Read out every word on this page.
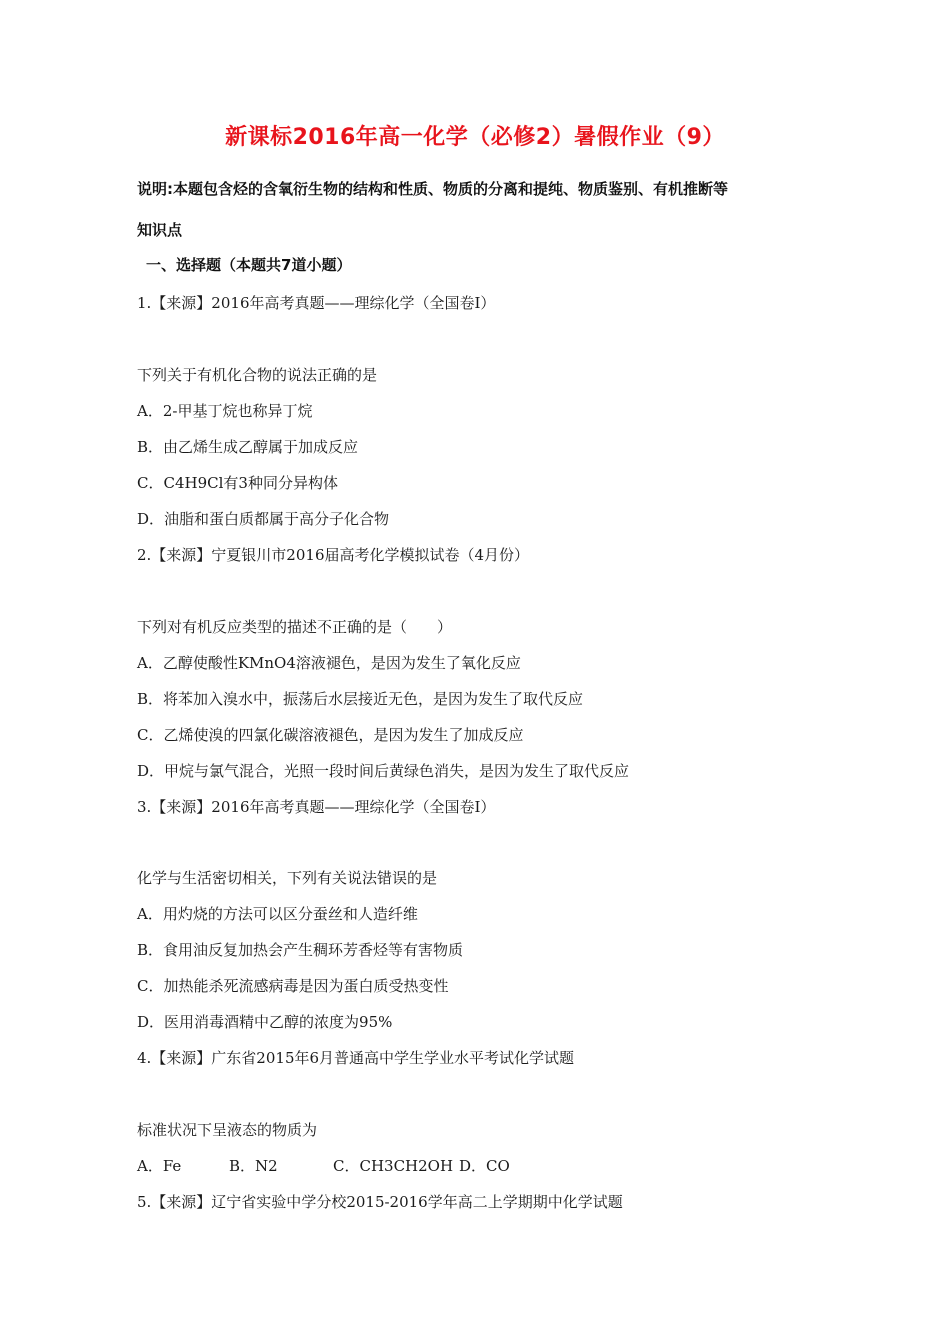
新课标2016年高一化学（必修2）暑假作业（9）
说明:本题包含烃的含氧衍生物的结构和性质、物质的分离和提纯、物质鉴别、有机推断等
知识点
一、选择题（本题共7道小题）
1.【来源】2016年高考真题——理综化学（全国卷Ⅰ）
下列关于有机化合物的说法正确的是
A．2-甲基丁烷也称异丁烷
B．由乙烯生成乙醇属于加成反应
C．C4H9Cl有3种同分异构体
D．油脂和蛋白质都属于高分子化合物
2.【来源】宁夏银川市2016届高考化学模拟试卷（4月份）
下列对有机反应类型的描述不正确的是（　　）
A．乙醇使酸性KMnO4溶液褪色，是因为发生了氧化反应
B．将苯加入溴水中，振荡后水层接近无色，是因为发生了取代反应
C．乙烯使溴的四氯化碳溶液褪色，是因为发生了加成反应
D．甲烷与氯气混合，光照一段时间后黄绿色消失，是因为发生了取代反应
3.【来源】2016年高考真题——理综化学（全国卷Ⅰ）
化学与生活密切相关，下列有关说法错误的是
A．用灼烧的方法可以区分蚕丝和人造纤维
B．食用油反复加热会产生稠环芳香烃等有害物质
C．加热能杀死流感病毒是因为蛋白质受热变性
D．医用消毒酒精中乙醇的浓度为95%
4.【来源】广东省2015年6月普通高中学生学业水平考试化学试题
标准状况下呈液态的物质为
A．Fe	B．N2	C．CH3CH2OH D．CO
5.【来源】辽宁省实验中学分校2015-2016学年高二上学期期中化学试题
